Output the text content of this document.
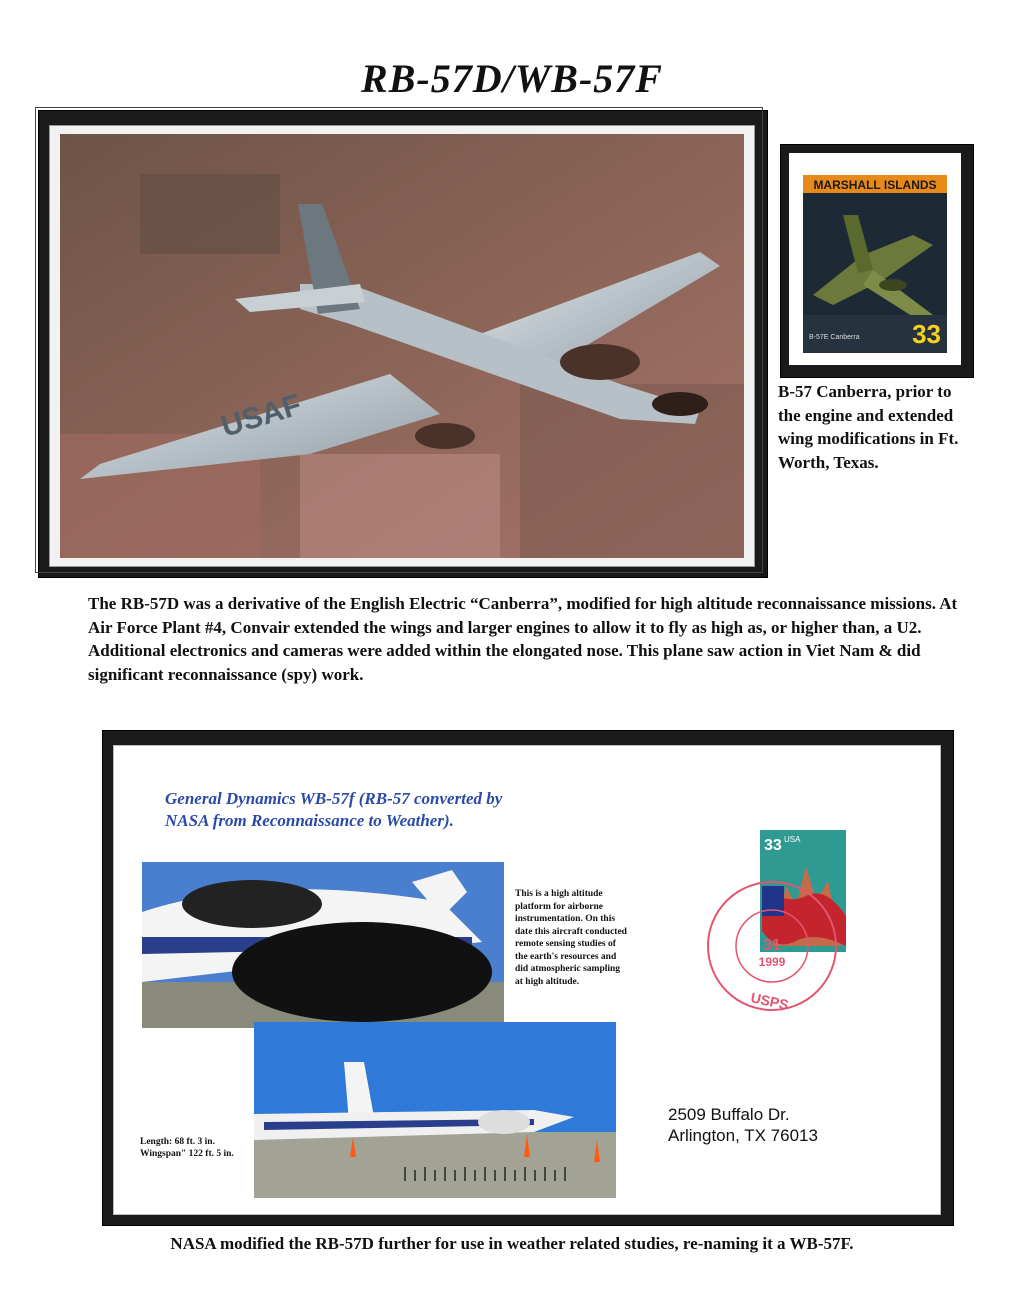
RB-57D/WB-57F
USAF
MARSHALL ISLANDS
B-57E Canberra 33
B-57 Canberra, prior to the engine and extended wing modifications in Ft. Worth, Texas.
The RB-57D was a derivative of the English Electric “Canberra”, modified for high altitude reconnaissance missions. At Air Force Plant #4, Convair extended the wings and larger engines to allow it to fly as high as, or higher than, a U2. Additional electronics and cameras were added within the elongated nose. This plane saw action in Viet Nam & did significant reconnaissance (spy) work.
General Dynamics WB-57f (RB-57 converted by NASA from Reconnaissance to Weather).
This is a high altitude platform for airborne instrumentation. On this date this aircraft conducted remote sensing studies of the earth's resources and did atmospheric sampling at high altitude.
Length: 68 ft. 3 in.
Wingspan" 122 ft. 5 in.
33 USA
31
1999
USPS
2509 Buffalo Dr.
Arlington, TX 76013
NASA modified the RB-57D further for use in weather related studies, re-naming it a WB-57F.
